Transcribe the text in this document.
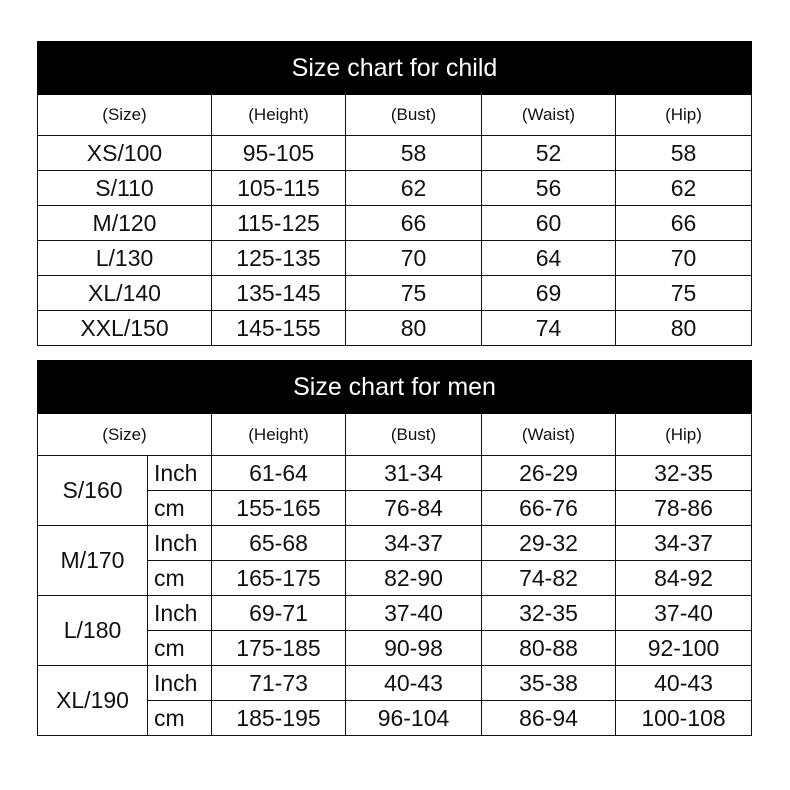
Size chart for child				
(Size)	(Height)	(Bust)	(Waist)	(Hip)
XS/100	95-105	58	52	58
S/110	105-115	62	56	62
M/120	115-125	66	60	66
L/130	125-135	70	64	70
XL/140	135-145	75	69	75
XXL/150	145-155	80	74	80
Size chart for men					
(Size)		(Height)	(Bust)	(Waist)	(Hip)
S/160	Inch	61-64	31-34	26-29	32-35
	cm	155-165	76-84	66-76	78-86
M/170	Inch	65-68	34-37	29-32	34-37
	cm	165-175	82-90	74-82	84-92
L/180	Inch	69-71	37-40	32-35	37-40
	cm	175-185	90-98	80-88	92-100
XL/190	Inch	71-73	40-43	35-38	40-43
	cm	185-195	96-104	86-94	100-108
